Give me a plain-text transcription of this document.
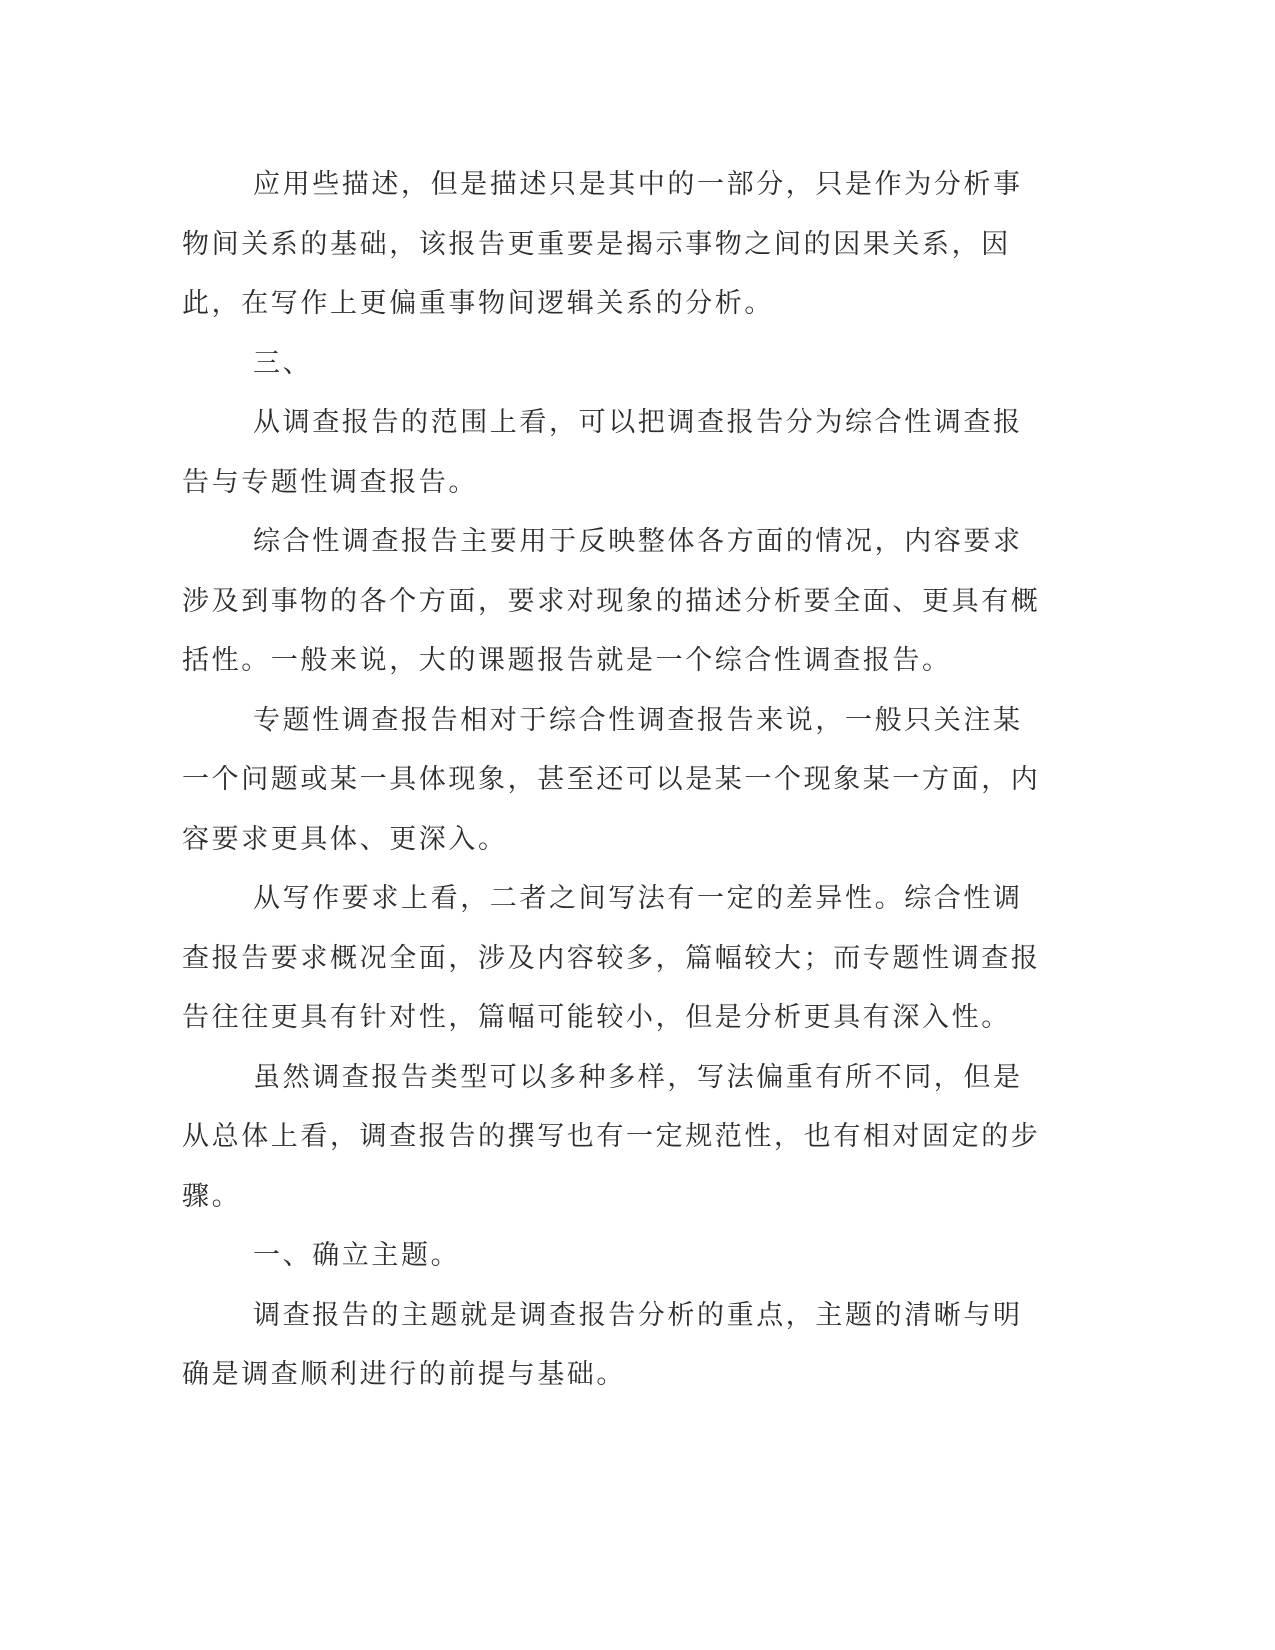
应用些描述，但是描述只是其中的一部分，只是作为分析事物间关系的基础，该报告更重要是揭示事物之间的因果关系，因此，在写作上更偏重事物间逻辑关系的分析。

三、

从调查报告的范围上看，可以把调查报告分为综合性调查报告与专题性调查报告。

综合性调查报告主要用于反映整体各方面的情况，内容要求涉及到事物的各个方面，要求对现象的描述分析要全面、更具有概括性。一般来说，大的课题报告就是一个综合性调查报告。

专题性调查报告相对于综合性调查报告来说，一般只关注某一个问题或某一具体现象，甚至还可以是某一个现象某一方面，内容要求更具体、更深入。

从写作要求上看，二者之间写法有一定的差异性。综合性调查报告要求概况全面，涉及内容较多，篇幅较大；而专题性调查报告往往更具有针对性，篇幅可能较小，但是分析更具有深入性。

虽然调查报告类型可以多种多样，写法偏重有所不同，但是从总体上看，调查报告的撰写也有一定规范性，也有相对固定的步骤。

一、确立主题。

调查报告的主题就是调查报告分析的重点，主题的清晰与明确是调查顺利进行的前提与基础。
